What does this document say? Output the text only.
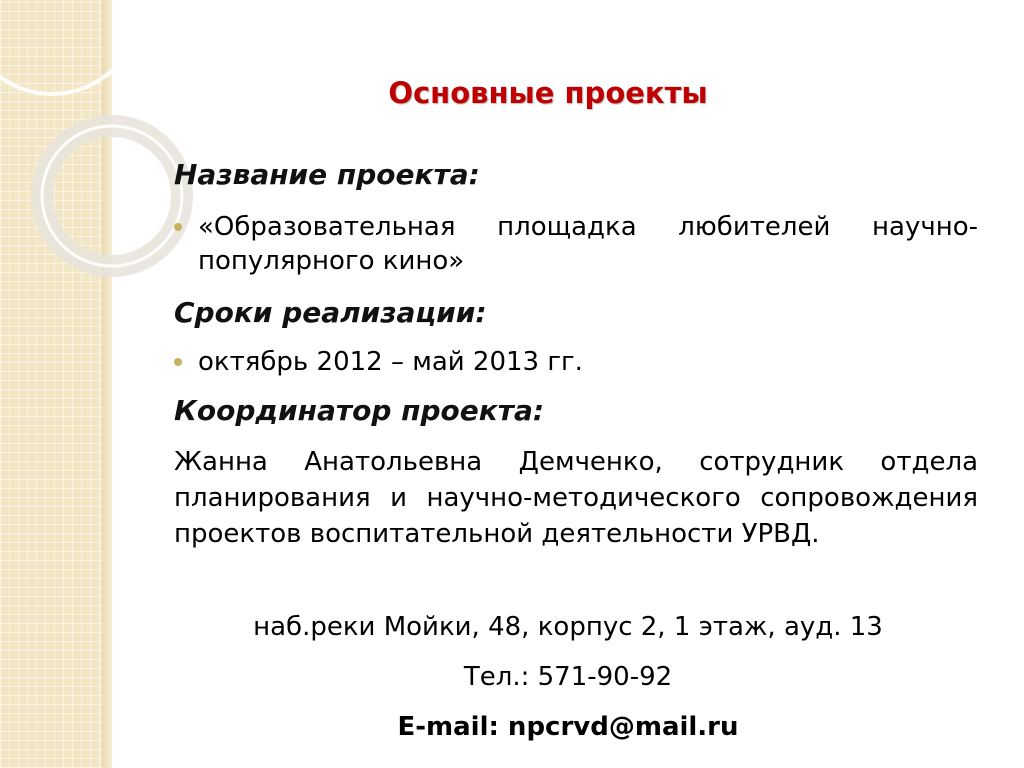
Основные проекты
Название проекта:
«Образовательная площадка любителей научно-популярного кино»
Сроки реализации:
октябрь 2012 – май 2013 гг.
Координатор проекта:
Жанна Анатольевна Демченко, сотрудник отдела планирования и научно-методического сопровождения проектов воспитательной деятельности УРВД.
наб.реки Мойки, 48, корпус 2, 1 этаж, ауд. 13
Тел.: 571-90-92
E-mail: npcrvd@mail.ru
